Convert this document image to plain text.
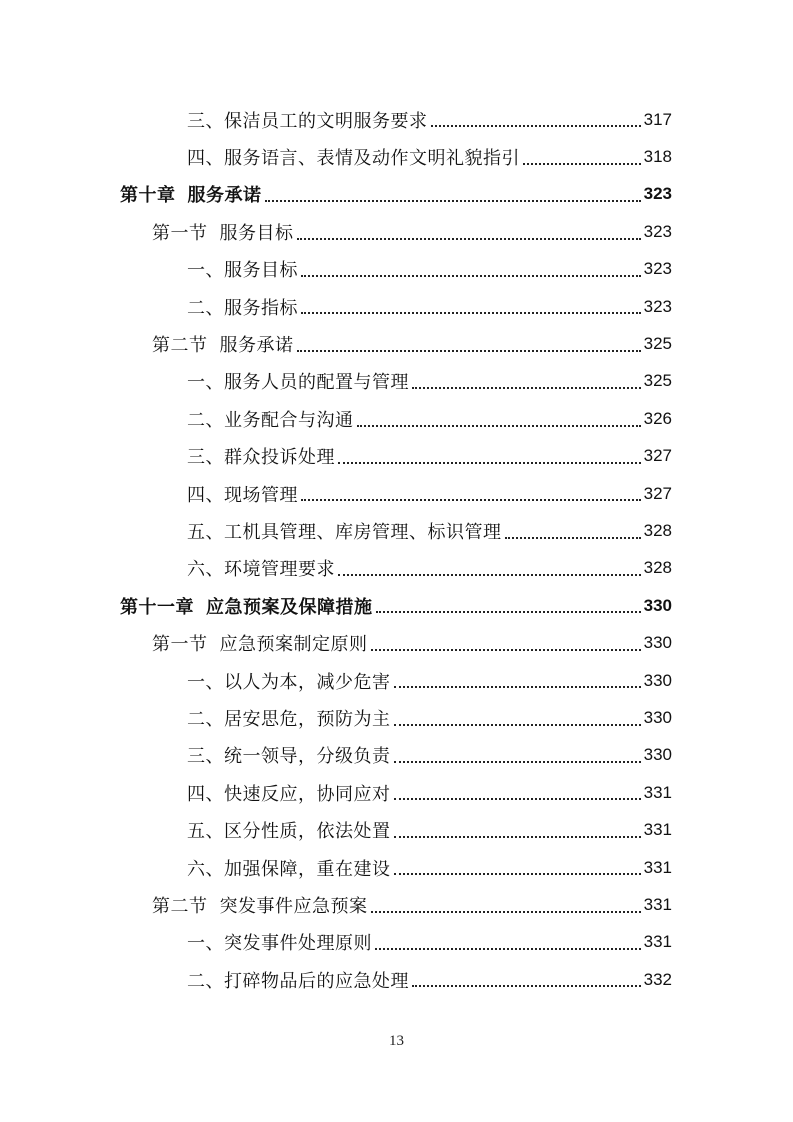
三、保洁员工的文明服务要求	317
四、服务语言、表情及动作文明礼貌指引	318
第十章 服务承诺	323
第一节 服务目标	323
一、服务目标	323
二、服务指标	323
第二节 服务承诺	325
一、服务人员的配置与管理	325
二、业务配合与沟通	326
三、群众投诉处理	327
四、现场管理	327
五、工机具管理、库房管理、标识管理	328
六、环境管理要求	328
第十一章 应急预案及保障措施	330
第一节 应急预案制定原则	330
一、以人为本，减少危害	330
二、居安思危，预防为主	330
三、统一领导，分级负责	330
四、快速反应，协同应对	331
五、区分性质，依法处置	331
六、加强保障，重在建设	331
第二节 突发事件应急预案	331
一、突发事件处理原则	331
二、打碎物品后的应急处理	332
13
